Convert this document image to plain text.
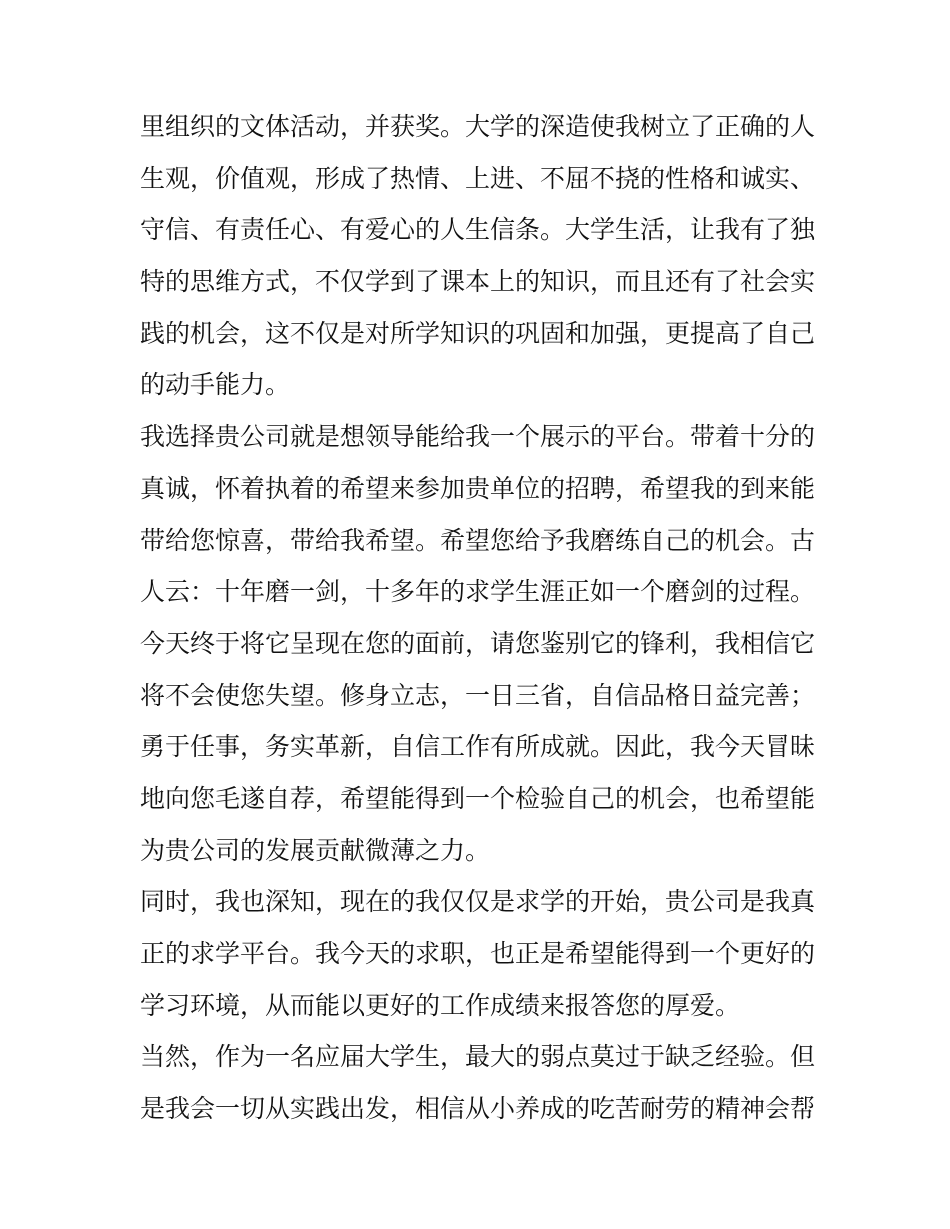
里组织的文体活动，并获奖。大学的深造使我树立了正确的人
生观，价值观，形成了热情、上进、不屈不挠的性格和诚实、
守信、有责任心、有爱心的人生信条。大学生活，让我有了独
特的思维方式，不仅学到了课本上的知识，而且还有了社会实
践的机会，这不仅是对所学知识的巩固和加强，更提高了自己
的动手能力。
我选择贵公司就是想领导能给我一个展示的平台。带着十分的
真诚，怀着执着的希望来参加贵单位的招聘，希望我的到来能
带给您惊喜，带给我希望。希望您给予我磨练自己的机会。古
人云：十年磨一剑，十多年的求学生涯正如一个磨剑的过程。
今天终于将它呈现在您的面前，请您鉴别它的锋利，我相信它
将不会使您失望。修身立志，一日三省，自信品格日益完善；
勇于任事，务实革新，自信工作有所成就。因此，我今天冒昧
地向您毛遂自荐，希望能得到一个检验自己的机会，也希望能
为贵公司的发展贡献微薄之力。
同时，我也深知，现在的我仅仅是求学的开始，贵公司是我真
正的求学平台。我今天的求职，也正是希望能得到一个更好的
学习环境，从而能以更好的工作成绩来报答您的厚爱。
当然，作为一名应届大学生，最大的弱点莫过于缺乏经验。但
是我会一切从实践出发，相信从小养成的吃苦耐劳的精神会帮
